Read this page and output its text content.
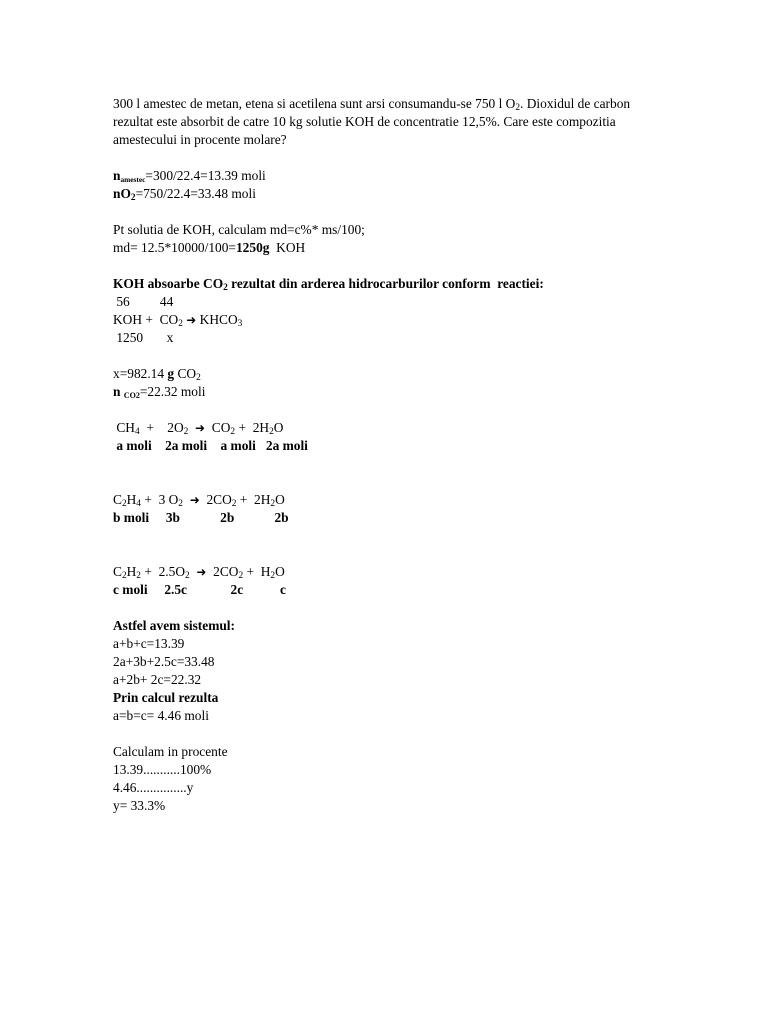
300 l amestec de metan, etena si acetilena sunt arsi consumandu-se 750 l $O_2$. Dioxidul de carbon rezultat este absorbit de catre 10 kg solutie KOH de concentratie 12,5%. Care este compozitia amestecului in procente molare?
$n_{amestec}=300/22.4=13.39$ moli
$nO_2=750/22.4=33.48$ moli
Pt solutia de KOH, calculam md=c%* ms/100;
md= 12.5*10000/100=1250g  KOH
KOH absoarbe $CO_2$ rezultat din arderea hidrocarburilor conform  reactiei:
56         44
KOH +  $CO_2$ ➜ $KHCO_3$
1250       x
x=982.14 g $CO_2$
n $_{CO2}$=22.32 moli
$CH_4$  +    $2O_2$ ➜  $CO_2 + 2H_2O$
a moli    2a moli    a moli   2a moli
$C_2H_4 + 3$ $O_2$ ➜  $2CO_2 + 2H_2O$
b moli     3b            2b            2b
$C_2H_2 + 2.5O_2$ ➜  $2CO_2 + H_2O$
c moli     2.5c             2c           c
Astfel avem sistemul:
a+b+c=13.39
2a+3b+2.5c=33.48
a+2b+ 2c=22.32
Prin calcul rezulta
a=b=c= 4.46 moli
Calculam in procente
13.39...........100%
4.46...............y
y= 33.3%
